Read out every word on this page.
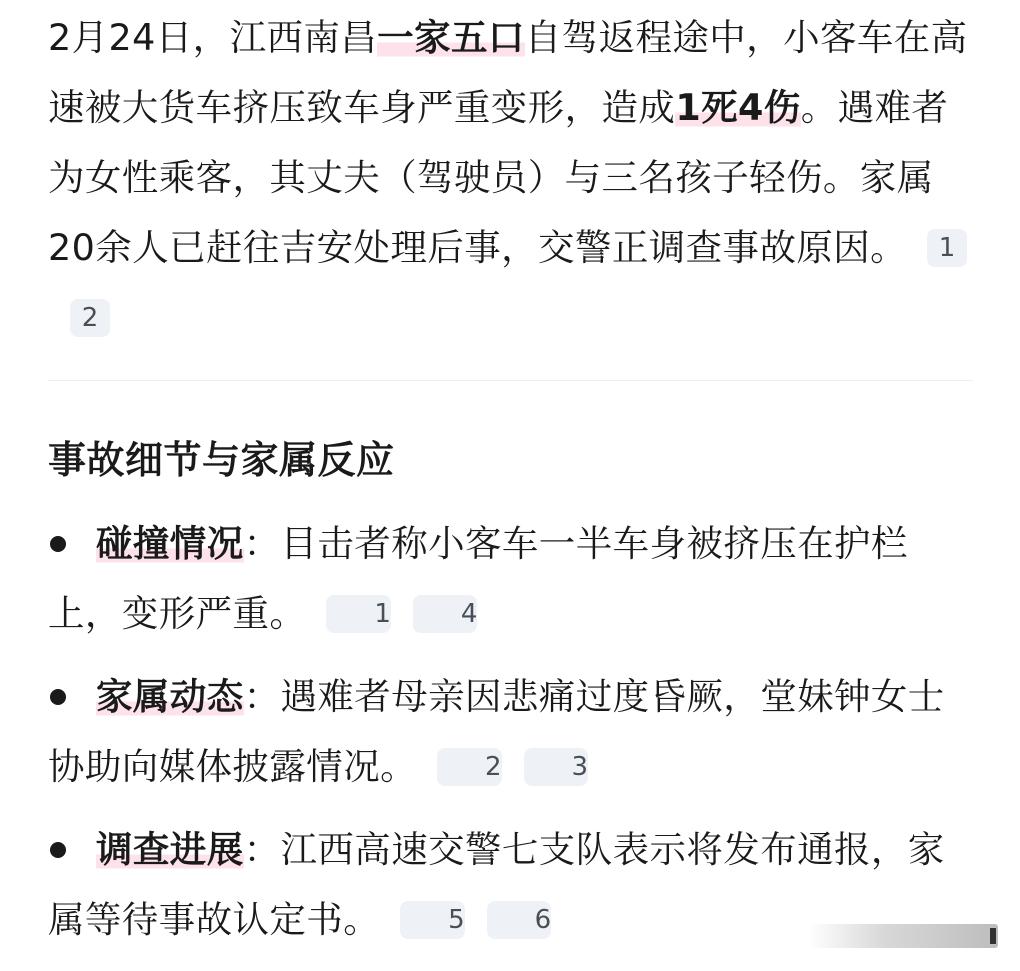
2月24日，江西南昌一家五口自驾返程途中，小客车在高速被大货车挤压致车身严重变形，造成1死4伤。遇难者为女性乘客，其丈夫（驾驶员）与三名孩子轻伤。家属20余人已赶往吉安处理后事，交警正调查事故原因。 12

事故细节与家属反应
碰撞情况：目击者称小客车一半车身被挤压在护栏上，变形严重。	1	4
家属动态：遇难者母亲因悲痛过度昏厥，堂妹钟女士协助向媒体披露情况。	2	3
调查进展：江西高速交警七支队表示将发布通报，家属等待事故认定书。	5	6
